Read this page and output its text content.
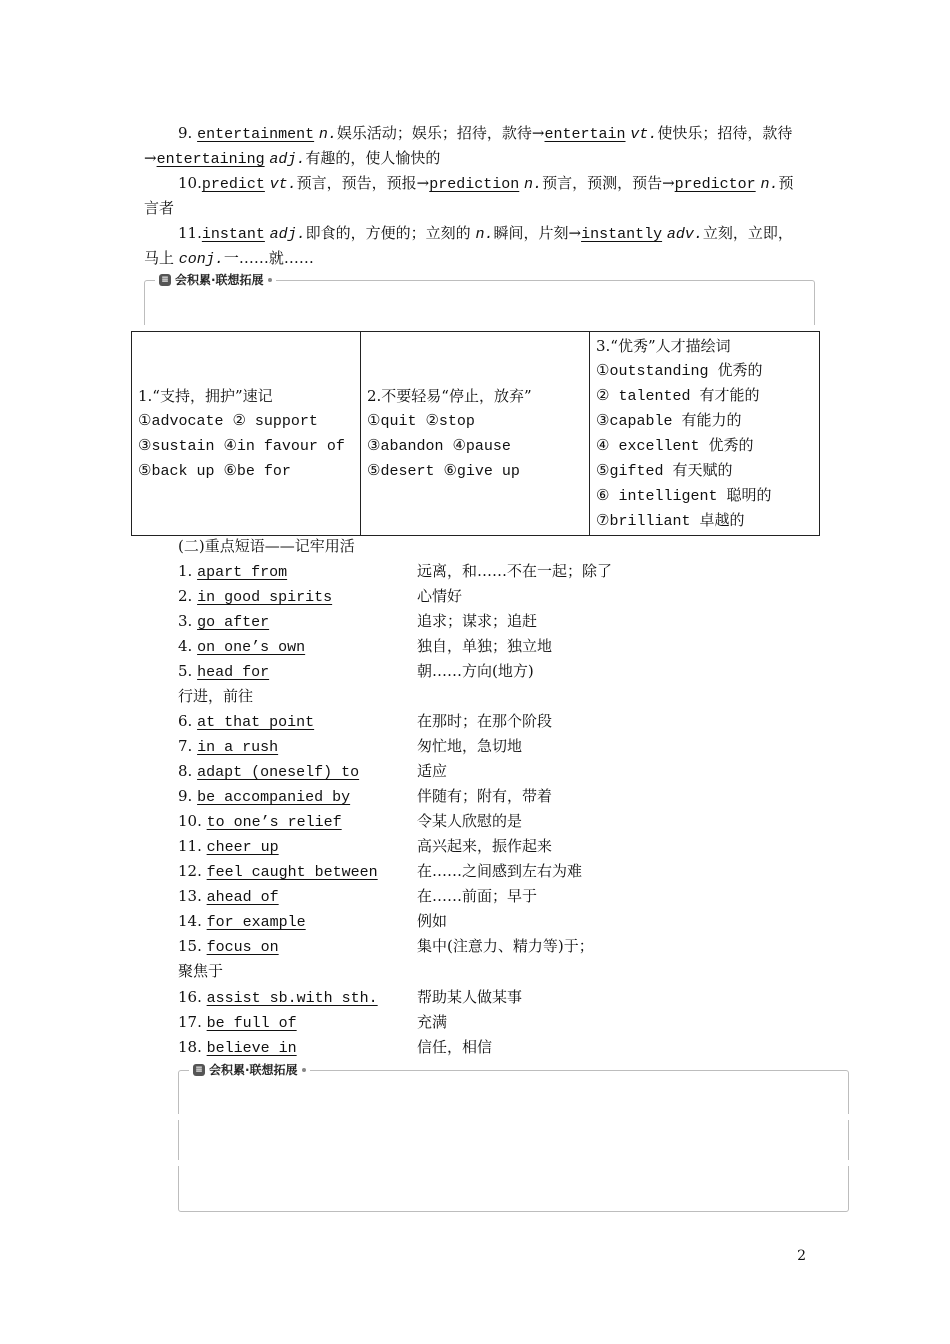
9. entertainment n.娱乐活动；娱乐；招待，款待→entertain vt.使快乐；招待，款待
→entertaining adj.有趣的，使人愉快的
10.predict vt.预言，预告，预报→prediction n.预言，预测，预告→predictor n.预
言者
11.instant adj.即食的，方便的；立刻的 n.瞬间，片刻→instantly adv.立刻，立即，
马上 conj.一……就……
≡ 会积累·联想拓展
1.“支持，拥护”速记
①advocate ② support
③sustain ④in favour of
⑤back up ⑥be for

2.不要轻易“停止，放弃”
①quit ②stop
③abandon ④pause
⑤desert ⑥give up

3.“优秀”人才描绘词
①outstanding 优秀的
② talented 有才能的
③capable 有能力的
④ excellent 优秀的
⑤gifted 有天赋的
⑥ intelligent 聪明的
⑦brilliant 卓越的
(二)重点短语——记牢用活
1. apart from	远离，和……不在一起；除了
2. in good spirits	心情好
3. go after	追求；谋求；追赶
4. on one’s own	独自，单独；独立地
5. head for	朝……方向(地方)
行进，前往
6. at that point	在那时；在那个阶段
7. in a rush	匆忙地，急切地
8. adapt (oneself) to	适应
9. be accompanied by	伴随有；附有，带着
10. to one’s relief	令某人欣慰的是
11. cheer up	高兴起来，振作起来
12. feel caught between	在……之间感到左右为难
13. ahead of	在……前面；早于
14. for example	例如
15. focus on	集中(注意力、精力等)于；
聚焦于
16. assist sb.with sth.	帮助某人做某事
17. be full of	充满
18. believe in	信任，相信
≡ 会积累·联想拓展
2
